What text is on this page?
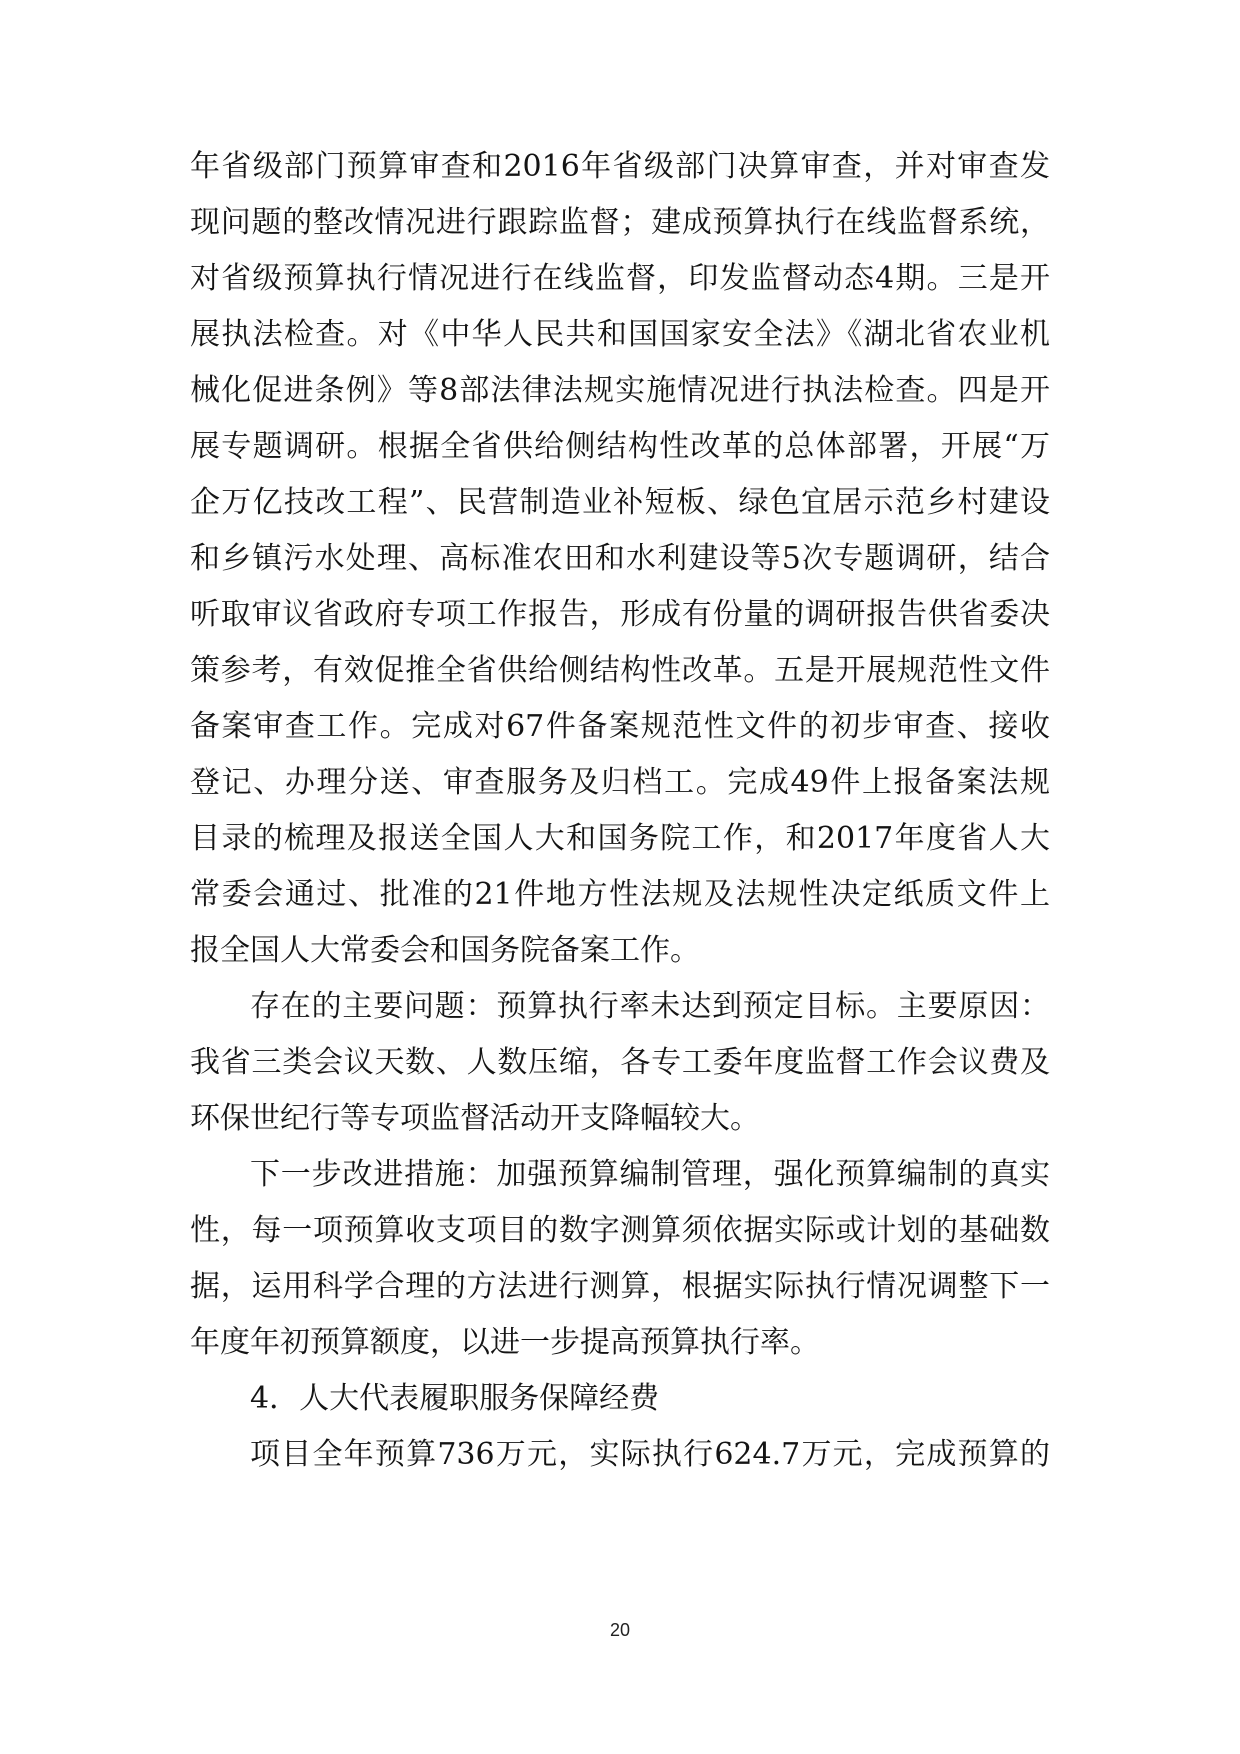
年省级部门预算审查和2016年省级部门决算审查，并对审查发
现问题的整改情况进行跟踪监督；建成预算执行在线监督系统，
对省级预算执行情况进行在线监督，印发监督动态4期。三是开
展执法检查。对《中华人民共和国国家安全法》《湖北省农业机
械化促进条例》等8部法律法规实施情况进行执法检查。四是开
展专题调研。根据全省供给侧结构性改革的总体部署，开展“万
企万亿技改工程”、民营制造业补短板、绿色宜居示范乡村建设
和乡镇污水处理、高标准农田和水利建设等5次专题调研，结合
听取审议省政府专项工作报告，形成有份量的调研报告供省委决
策参考，有效促推全省供给侧结构性改革。五是开展规范性文件
备案审查工作。完成对67件备案规范性文件的初步审查、接收
登记、办理分送、审查服务及归档工。完成49件上报备案法规
目录的梳理及报送全国人大和国务院工作，和2017年度省人大
常委会通过、批准的21件地方性法规及法规性决定纸质文件上
报全国人大常委会和国务院备案工作。
存在的主要问题：预算执行率未达到预定目标。主要原因：
我省三类会议天数、人数压缩，各专工委年度监督工作会议费及
环保世纪行等专项监督活动开支降幅较大。
下一步改进措施：加强预算编制管理，强化预算编制的真实
性，每一项预算收支项目的数字测算须依据实际或计划的基础数
据，运用科学合理的方法进行测算，根据实际执行情况调整下一
年度年初预算额度，以进一步提高预算执行率。
4．人大代表履职服务保障经费
项目全年预算736万元，实际执行624.7万元，完成预算的
20
